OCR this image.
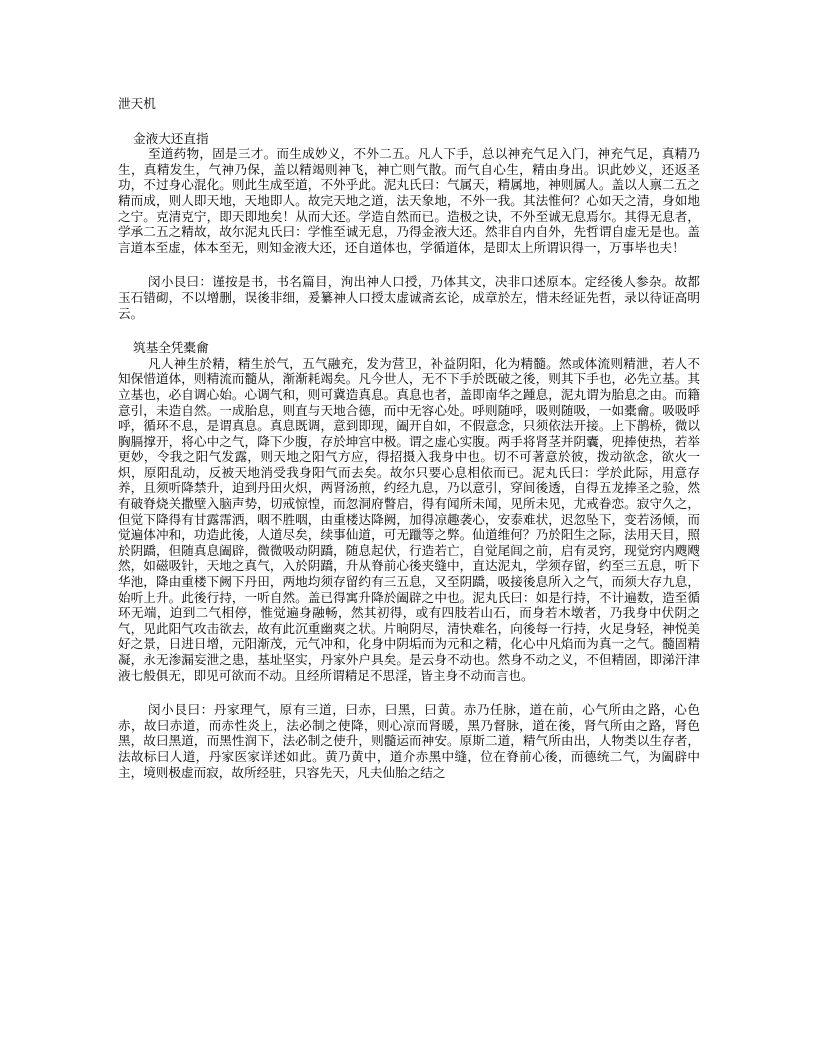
泄天机

金液大还直指

至道药物，固是三才。而生成妙义，不外二五。凡人下手，总以神充气足入门，神充气足，真精乃生，真精发生，气神乃保，盖以精竭则神飞，神亡则气散。而气自心生，精由身出。识此妙义，还返圣功，不过身心混化。则此生成至道，不外乎此。泥丸氏曰：气属天，精属地，神则属人。盖以人禀二五之精而成，则人即天地，天地即人。故完天地之道，法天象地，不外一我。其法惟何？心如天之清，身如地之宁。克清克宁，即天即地矣！从而大还。学造自然而已。造极之诀，不外至诚无息焉尔。其得无息者，学承二五之精故，故尔泥丸氏曰：学惟至诚无息，乃得金液大还。然非自内自外，先哲谓自虚无是也。盖言道本至虚，体本至无，则知金液大还，还自道体也，学循道体，是即太上所谓识得一，万事毕也夫！

闵小艮曰：谨按是书，书名篇目，洵出神人口授，乃体其文，决非口述原本。定经後人参杂。故都玉石错砌，不以增删，误後非细，爰纂神人口授太虚诚斋玄论，成章於左，惜未经证先哲，录以待证高明云。

筑基全凭橐龠

凡人神生於精，精生於气，五气融充，发为营卫，补益阴阳，化为精髓。然或体流则精泄，若人不知保惜道体，则精流而髓从，渐渐耗竭矣。凡今世人，无不下手於既破之後，则其下手也，必先立基。其立基也，必自调心始。心调气和，则可冀造真息。真息也者，盖即南华之踵息，泥丸谓为胎息之由。而籍意引，未造自然。一成胎息，则直与天地合德，而中无容心处。呼则随呼，吸则随吸，一如橐龠。吸吸呼呼，循环不息，是谓真息。真息既调，意到即现，阖开自如，不假意念，只须依法开接。上下鹊桥，微以胸膈撑开，将心中之气，降下少腹，存於坤宫中极。谓之虚心实腹。两手将肾茎并阴囊，兜捧使热，若举更妙，令我之阳气发露，则天地之阳气方应，得招摄入我身中也。切不可著意於彼，拨动欲念，欲火一炽，原阳乱动，反被天地消受我身阳气而去矣。故尔只要心息相依而已。泥丸氏曰：学於此际，用意存养，且须听降禁升，迫到丹田火炽，两肾汤煎，约经九息，乃以意引，穿间後透，自得五龙捧圣之验，然有破脊烧关撒壁入脑声势，切戒惊惶，而忽洞府瞥启，得有闻所未闻，见所未见，尤戒眷恋。寂守久之，但觉下降得有甘露霈洒，咽不胜咽，由重楼达降阙，加得凉趣袭心，安泰难状，迟忽坠下，变若汤倾，而觉遍体冲和，功造此後，人道尽矣，续事仙道，可无躐等之弊。仙道维何？乃於阳生之际，法用天目，照於阴蹻，但随真息阖辟，微微吸动阴蹻，随息起伏，行造若亡，自觉尾闾之前，启有灵窍，现觉窍内飕飕然，如磁吸针，天地之真气，入於阴蹻，升从脊前心後夹缝中，直达泥丸，学须存留，约至三五息，听下华池，降由重楼下阙下丹田，两地均须存留约有三五息，又至阴蹻，吸接後息所入之气，而须大存九息，始听上升。此後行持，一听自然。盖已得寓升降於阖辟之中也。泥丸氏曰：如是行持，不计遍数，造至循环无端，迫到二气相停，惟觉遍身融畅，然其初得，或有四肢若山石，而身若木墩者，乃我身中伏阴之气，见此阳气攻击欲去，故有此沉重幽爽之状。片晌阴尽，清快难名，向後每一行持，火足身轻，神悦美好之景，日进日增，元阳渐茂，元气冲和，化身中阴垢而为元和之精，化心中凡焰而为真一之气。髓固精凝，永无渗漏妄泄之患，基址坚实，丹家外户具矣。是云身不动也。然身不动之义，不但精固，即涕汗津液七般俱无，即见可欲而不动。且经所谓精足不思淫，皆主身不动而言也。

闵小艮曰：丹家理气，原有三道，曰赤，曰黑，曰黄。赤乃任脉，道在前，心气所由之路，心色赤，故曰赤道，而赤性炎上，法必制之使降，则心凉而肾暖，黑乃督脉，道在後，肾气所由之路，肾色黑，故曰黑道，而黑性润下，法必制之使升，则髓运而神安。原斯二道，精气所由出，人物类以生存者，法故标曰人道，丹家医家详述如此。黄乃黄中，道介赤黑中缝，位在脊前心後，而德统二气，为阖辟中主，境则极虚而寂，故所经驻，只容先天，凡夫仙胎之结之
